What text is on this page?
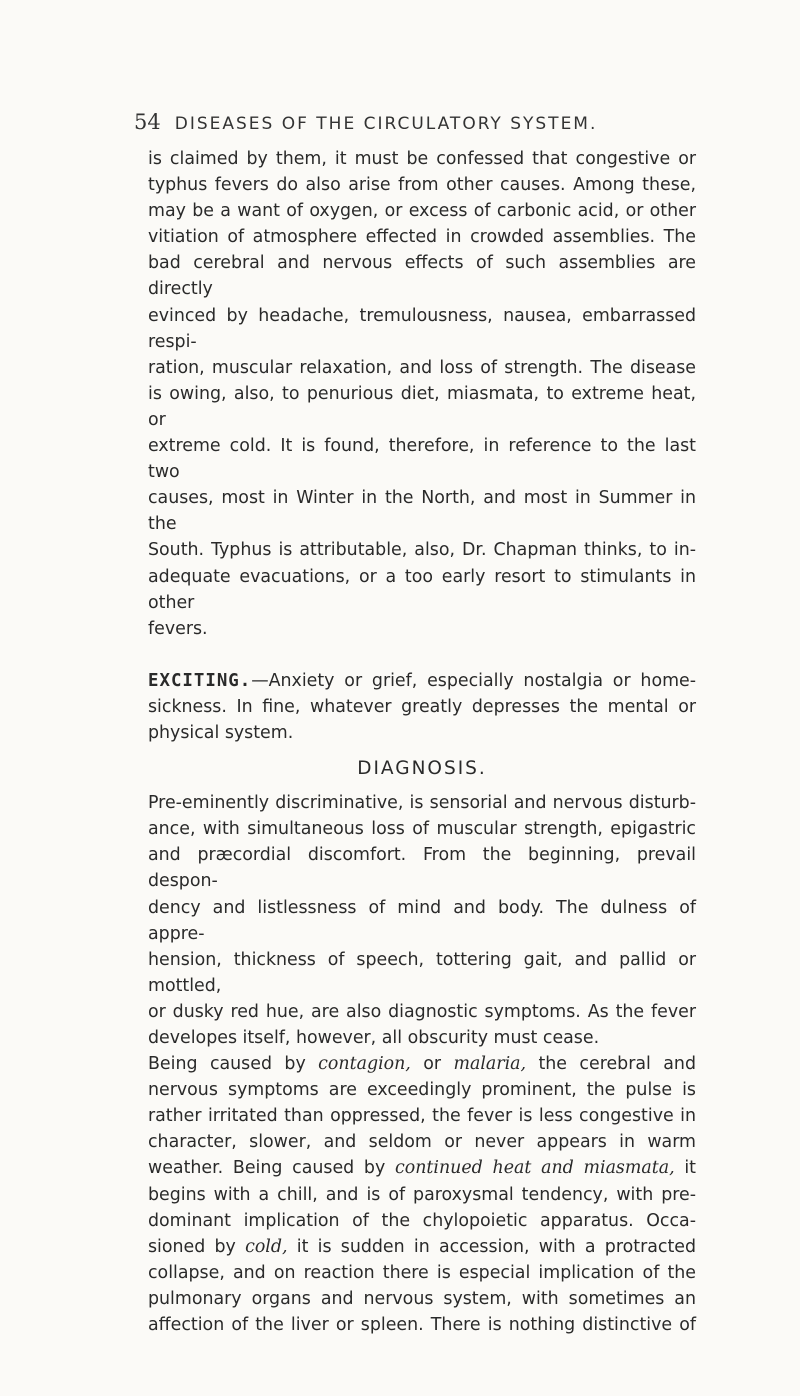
54 DISEASES OF THE CIRCULATORY SYSTEM.

is claimed by them, it must be confessed that congestive or

typhus fevers do also arise from other causes. Among these,

may be a want of oxygen, or excess of carbonic acid, or other

vitiation of atmosphere effected in crowded assemblies. The

bad cerebral and nervous effects of such assemblies are directly

evinced by headache, tremulousness, nausea, embarrassed respi-

ration, muscular relaxation, and loss of strength. The disease

is owing, also, to penurious diet, miasmata, to extreme heat, or

extreme cold. It is found, therefore, in reference to the last two

causes, most in Winter in the North, and most in Summer in the

South. Typhus is attributable, also, Dr. Chapman thinks, to in-

adequate evacuations, or a too early resort to stimulants in other

fevers.

EXCITING.—Anxiety or grief, especially nostalgia or home-

sickness. In fine, whatever greatly depresses the mental or

physical system.

DIAGNOSIS.

Pre-eminently discriminative, is sensorial and nervous disturb-

ance, with simultaneous loss of muscular strength, epigastric

and præcordial discomfort. From the beginning, prevail despon-

dency and listlessness of mind and body. The dulness of appre-

hension, thickness of speech, tottering gait, and pallid or mottled,

or dusky red hue, are also diagnostic symptoms. As the fever

developes itself, however, all obscurity must cease.

Being caused by contagion, or malaria, the cerebral and

nervous symptoms are exceedingly prominent, the pulse is

rather irritated than oppressed, the fever is less congestive in

character, slower, and seldom or never appears in warm

weather. Being caused by continued heat and miasmata, it

begins with a chill, and is of paroxysmal tendency, with pre-

dominant implication of the chylopoietic apparatus. Occa-

sioned by cold, it is sudden in accession, with a protracted

collapse, and on reaction there is especial implication of the

pulmonary organs and nervous system, with sometimes an

affection of the liver or spleen. There is nothing distinctive of
